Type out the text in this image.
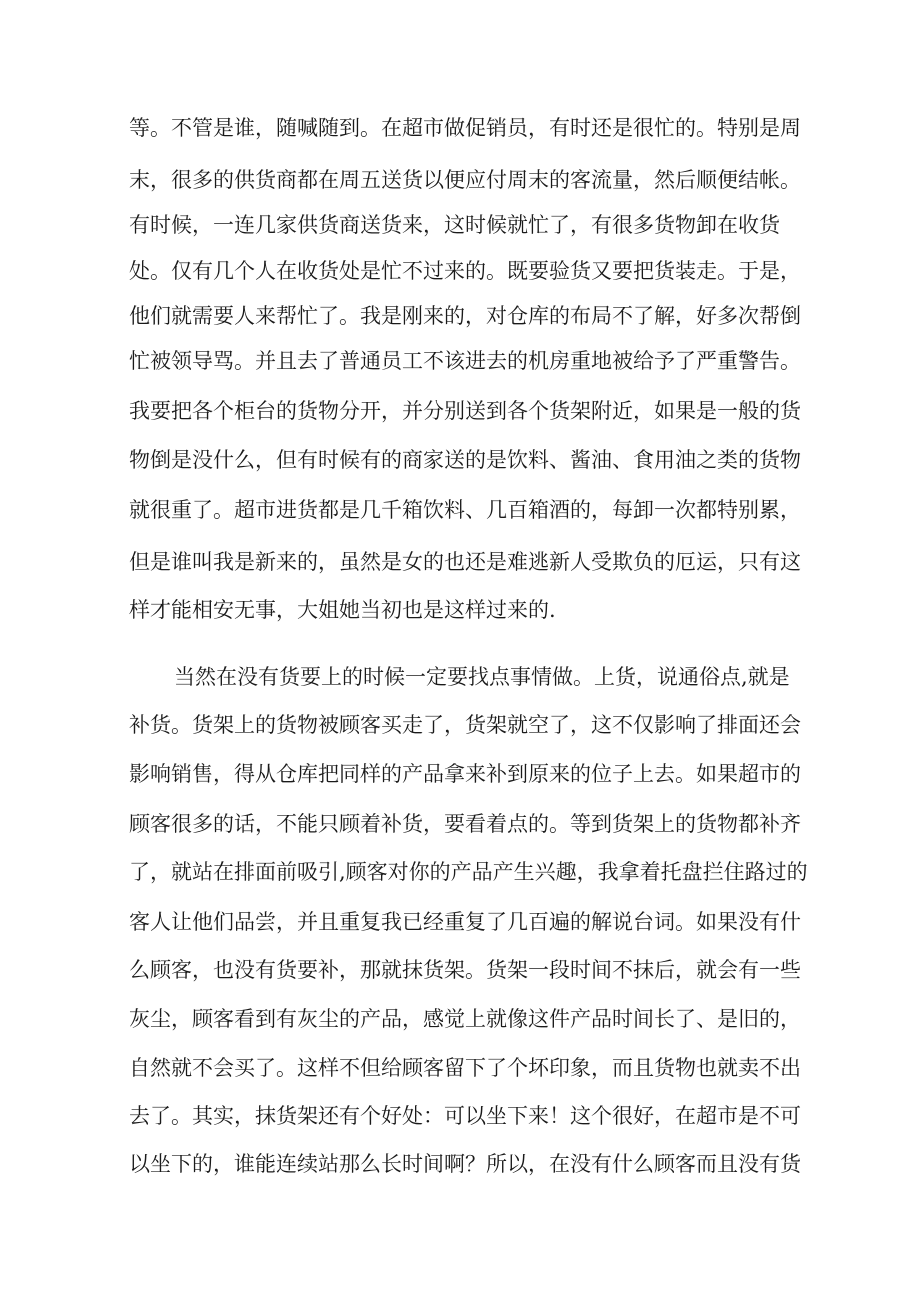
等。不管是谁，随喊随到。在超市做促销员，有时还是很忙的。特别是周
末，很多的供货商都在周五送货以便应付周末的客流量，然后顺便结帐。
有时候，一连几家供货商送货来，这时候就忙了，有很多货物卸在收货
处。仅有几个人在收货处是忙不过来的。既要验货又要把货装走。于是，
他们就需要人来帮忙了。我是刚来的，对仓库的布局不了解，好多次帮倒
忙被领导骂。并且去了普通员工不该进去的机房重地被给予了严重警告。
我要把各个柜台的货物分开，并分别送到各个货架附近，如果是一般的货
物倒是没什么，但有时候有的商家送的是饮料、酱油、食用油之类的货物
就很重了。超市进货都是几千箱饮料、几百箱酒的，每卸一次都特别累，
但是谁叫我是新来的，虽然是女的也还是难逃新人受欺负的厄运，只有这
样才能相安无事，大姐她当初也是这样过来的.
当然在没有货要上的时候一定要找点事情做。上货，说通俗点,就是
补货。货架上的货物被顾客买走了，货架就空了，这不仅影响了排面还会
影响销售，得从仓库把同样的产品拿来补到原来的位子上去。如果超市的
顾客很多的话，不能只顾着补货，要看着点的。等到货架上的货物都补齐
了，就站在排面前吸引,顾客对你的产品产生兴趣，我拿着托盘拦住路过的
客人让他们品尝，并且重复我已经重复了几百遍的解说台词。如果没有什
么顾客，也没有货要补，那就抹货架。货架一段时间不抹后，就会有一些
灰尘，顾客看到有灰尘的产品，感觉上就像这件产品时间长了、是旧的，
自然就不会买了。这样不但给顾客留下了个坏印象，而且货物也就卖不出
去了。其实，抹货架还有个好处：可以坐下来！这个很好，在超市是不可
以坐下的，谁能连续站那么长时间啊？所以，在没有什么顾客而且没有货
